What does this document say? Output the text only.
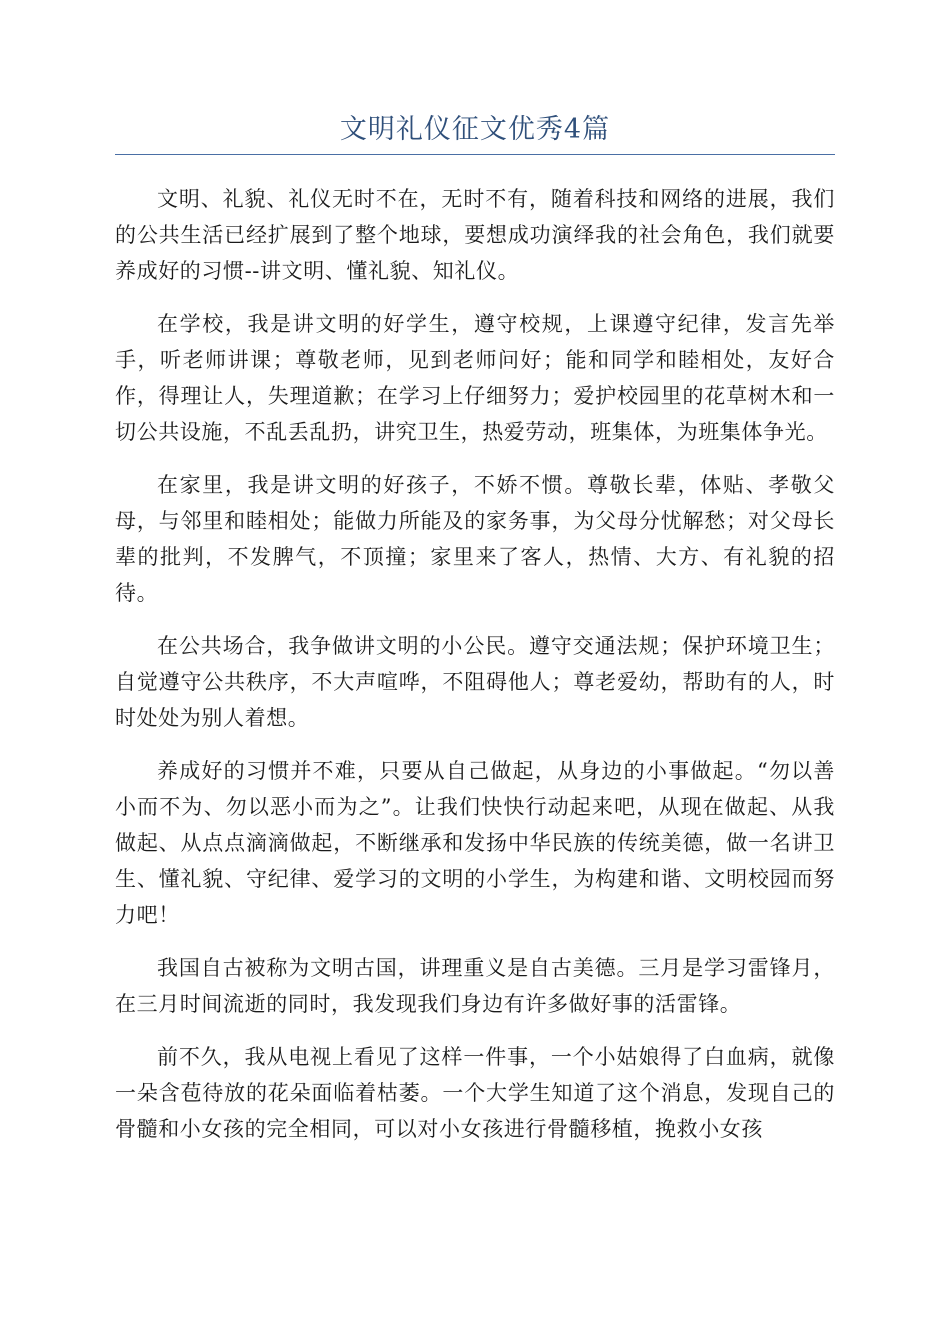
文明礼仪征文优秀4篇

文明、礼貌、礼仪无时不在，无时不有，随着科技和网络的进展，我们的公共生活已经扩展到了整个地球，要想成功演绎我的社会角色，我们就要养成好的习惯--讲文明、懂礼貌、知礼仪。

在学校，我是讲文明的好学生，遵守校规，上课遵守纪律，发言先举手，听老师讲课；尊敬老师，见到老师问好；能和同学和睦相处，友好合作，得理让人，失理道歉；在学习上仔细努力；爱护校园里的花草树木和一切公共设施，不乱丢乱扔，讲究卫生，热爱劳动，班集体，为班集体争光。

在家里，我是讲文明的好孩子，不娇不惯。尊敬长辈，体贴、孝敬父母，与邻里和睦相处；能做力所能及的家务事，为父母分忧解愁；对父母长辈的批判，不发脾气，不顶撞；家里来了客人，热情、大方、有礼貌的招待。

在公共场合，我争做讲文明的小公民。遵守交通法规；保护环境卫生；自觉遵守公共秩序，不大声喧哗，不阻碍他人；尊老爱幼，帮助有的人，时时处处为别人着想。

养成好的习惯并不难，只要从自己做起，从身边的小事做起。“勿以善小而不为、勿以恶小而为之”。让我们快快行动起来吧，从现在做起、从我做起、从点点滴滴做起，不断继承和发扬中华民族的传统美德，做一名讲卫生、懂礼貌、守纪律、爱学习的文明的小学生，为构建和谐、文明校园而努力吧！

我国自古被称为文明古国，讲理重义是自古美德。三月是学习雷锋月，在三月时间流逝的同时，我发现我们身边有许多做好事的活雷锋。

前不久，我从电视上看见了这样一件事，一个小姑娘得了白血病，就像一朵含苞待放的花朵面临着枯萎。一个大学生知道了这个消息，发现自己的骨髓和小女孩的完全相同，可以对小女孩进行骨髓移植，挽救小女孩
